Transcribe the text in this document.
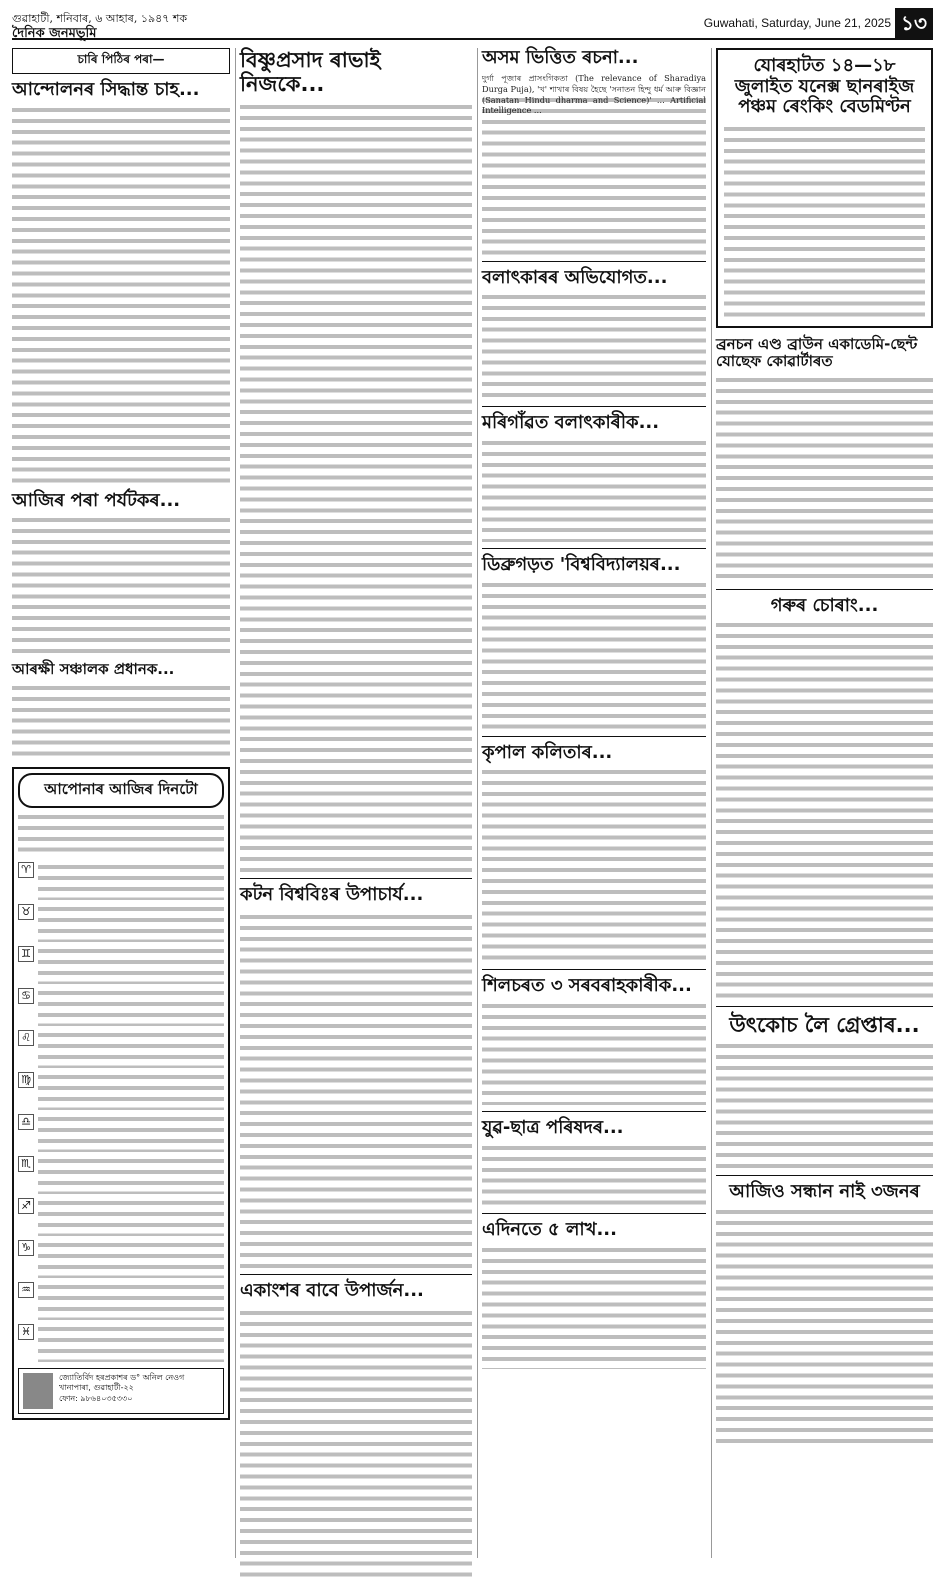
গুৱাহাটী, শনিবাৰ, ৬ আহাৰ, ১৯৪৭ শক
দৈনিক জনমভূমি
Guwahati, Saturday, June 21, 2025 ১৩
চাৰি পিঠিৰ পৰা—
আন্দোলনৰ সিদ্ধান্ত চাহ...
আজিৰ পৰা পৰ্যটকৰ...
আৰক্ষী সঞ্চালক প্ৰধানক...
আপোনাৰ আজিৰ দিনটো
♈
♉
♊
♋
♌
♍
♎
♏
♐
♑
♒
♓
জ্যোতিৰ্বিদ হৰপ্ৰকাশৰ ড° অনিল নেওগ
খানাপাৰা, গুৱাহাটী-২২
ফোন: ৯৮৬৪০৩৫৩৩০
বিষ্ণুপ্ৰসাদ ৰাভাই নিজকে...
কটন বিশ্ববিঃৰ উপাচাৰ্য...
একাংশৰ বাবে উপাৰ্জন...
অসম ভিত্তিত ৰচনা...
দুৰ্গা পূজাৰ প্ৰাসংগিকতা (The relevance of Sharadiya Durga Puja), 'খ' শাখাৰ বিষয় হৈছে 'সনাতন হিন্দু ধৰ্ম আৰু বিজ্ঞান (Sanatan Hindu dharma and Science)' ... Artificial Intelligence ...
বলাৎকাৰৰ অভিযোগত...
মৰিগাঁৱত বলাৎকাৰীক...
ডিব্ৰুগড়ত 'বিশ্ববিদ্যালয়ৰ...
কৃপাল কলিতাৰ...
শিলচৰত ৩ সৰবৰাহকাৰীক...
যুৱ-ছাত্ৰ পৰিষদৰ...
এদিনতে ৫ লাখ...
যোৰহাটত ১৪—১৮ জুলাইত যনেক্স ছানৰাইজ পঞ্চম ৰেংকিং বেডমিণ্টন
ব্ৰনচন এণ্ড ব্ৰাউন একাডেমি-ছেন্ট যোছেফ কোৱাৰ্টাৰত
গৰুৰ চোৰাং...
উৎকোচ লৈ গ্ৰেপ্তাৰ...
আজিও সন্ধান নাই ৩জনৰ
